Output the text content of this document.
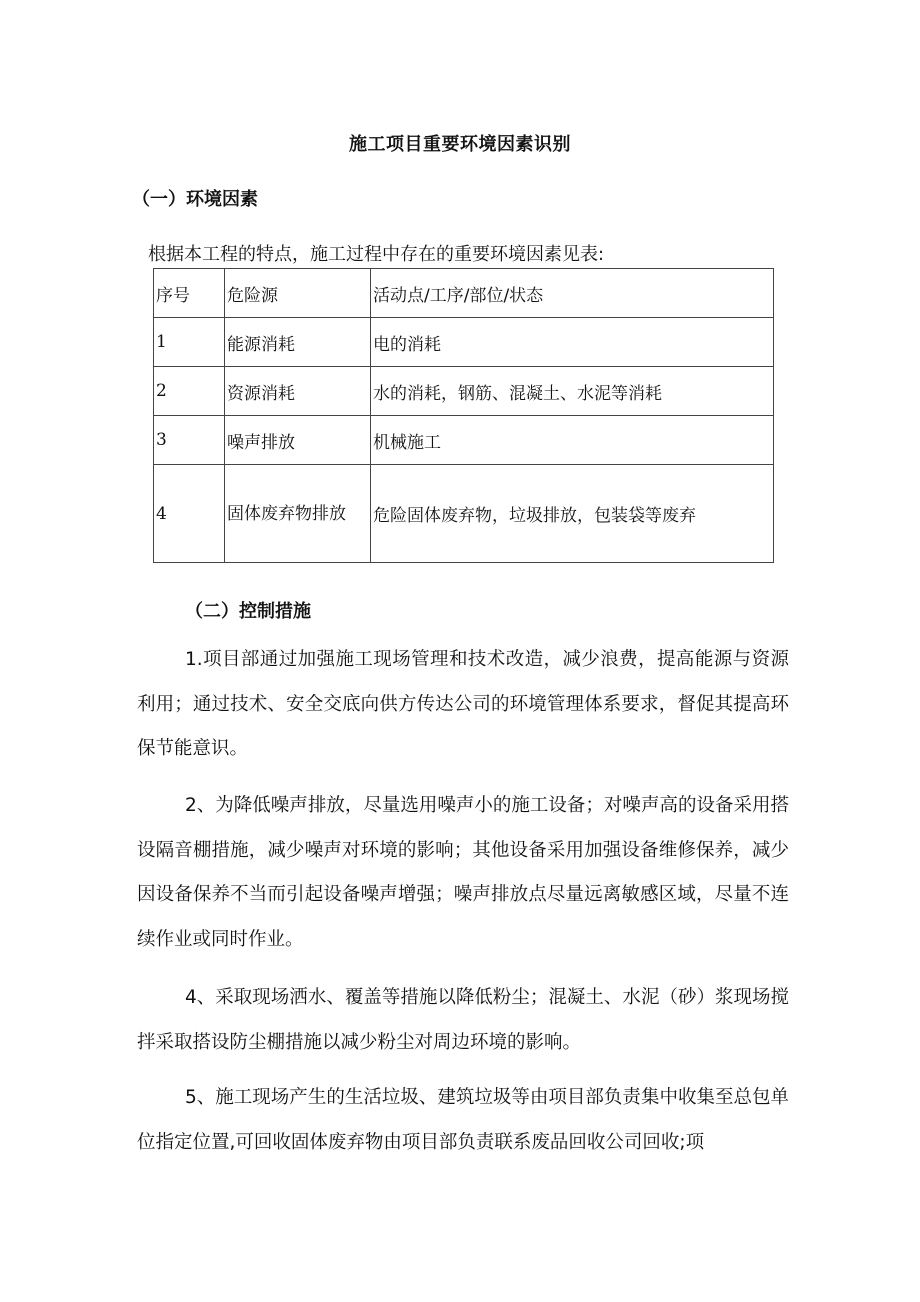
施工项目重要环境因素识别
（一）环境因素
根据本工程的特点，施工过程中存在的重要环境因素见表:
序号	危险源	活动点/工序/部位/状态
1	能源消耗	电的消耗
2	资源消耗	水的消耗，钢筋、混凝土、水泥等消耗
3	噪声排放	机械施工
4	固体废弃物排放	危险固体废弃物，垃圾排放，包装袋等废弃
（二）控制措施
1.项目部通过加强施工现场管理和技术改造，减少浪费，提高能源与资源利用；通过技术、安全交底向供方传达公司的环境管理体系要求，督促其提高环保节能意识。
2、为降低噪声排放，尽量选用噪声小的施工设备；对噪声高的设备采用搭设隔音棚措施，减少噪声对环境的影响；其他设备采用加强设备维修保养，减少因设备保养不当而引起设备噪声增强；噪声排放点尽量远离敏感区域，尽量不连续作业或同时作业。
4、采取现场洒水、覆盖等措施以降低粉尘；混凝土、水泥（砂）浆现场搅拌采取搭设防尘棚措施以减少粉尘对周边环境的影响。
5、施工现场产生的生活垃圾、建筑垃圾等由项目部负责集中收集至总包单位指定位置,可回收固体废弃物由项目部负责联系废品回收公司回收;项
